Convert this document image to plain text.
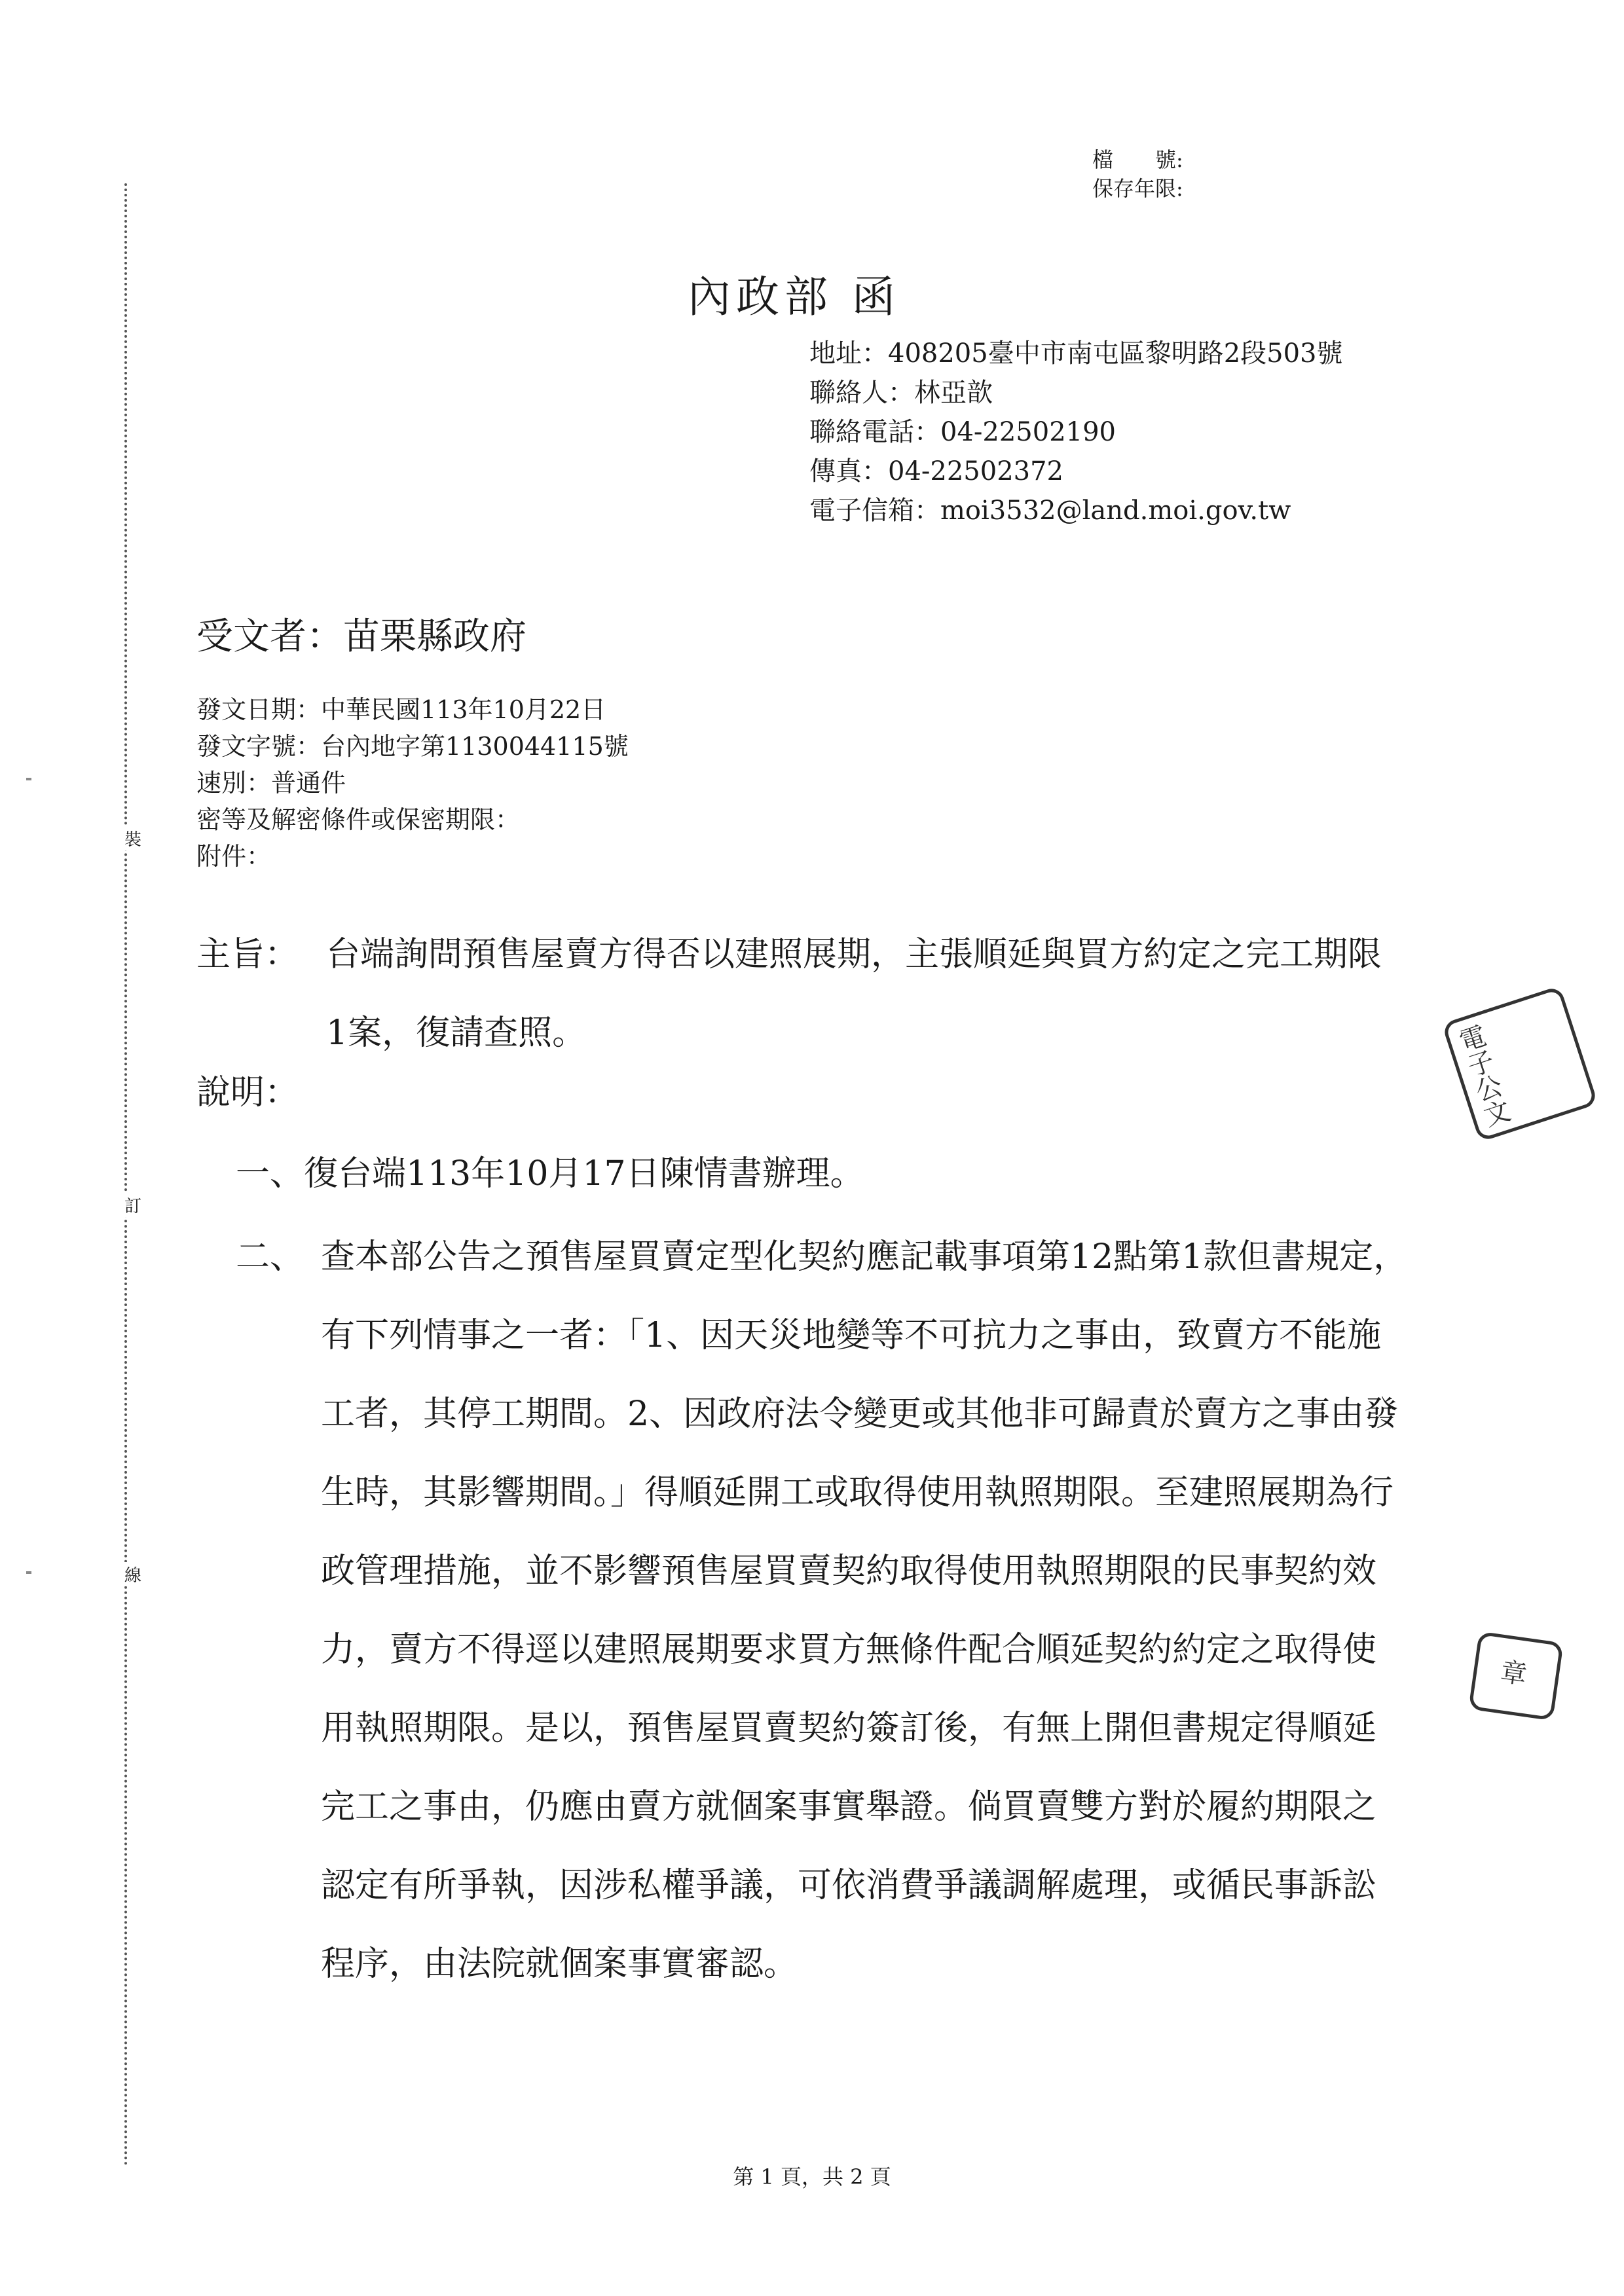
裝
訂
線
檔　　號:
保存年限:
內政部 函
地址：408205臺中市南屯區黎明路2段503號
聯絡人：林亞歆
聯絡電話：04-22502190
傳真：04-22502372
電子信箱：moi3532@land.moi.gov.tw
受文者：苗栗縣政府
發文日期：中華民國113年10月22日
發文字號：台內地字第1130044115號
速別：普通件
密等及解密條件或保密期限：
附件：
主旨： 台端詢問預售屋賣方得否以建照展期，主張順延與買方約定之完工期限1案，復請查照。
說明：
一、復台端113年10月17日陳情書辦理。
二、 查本部公告之預售屋買賣定型化契約應記載事項第12點第1款但書規定，有下列情事之一者：「1、因天災地變等不可抗力之事由，致賣方不能施工者，其停工期間。2、因政府法令變更或其他非可歸責於賣方之事由發生時，其影響期間。」得順延開工或取得使用執照期限。至建照展期為行政管理措施，並不影響預售屋買賣契約取得使用執照期限的民事契約效力，賣方不得逕以建照展期要求買方無條件配合順延契約約定之取得使用執照期限。是以，預售屋買賣契約簽訂後，有無上開但書規定得順延完工之事由，仍應由賣方就個案事實舉證。倘買賣雙方對於履約期限之認定有所爭執，因涉私權爭議，可依消費爭議調解處理，或循民事訴訟程序，由法院就個案事實審認。
電子公文
章
第 1 頁，共 2 頁
